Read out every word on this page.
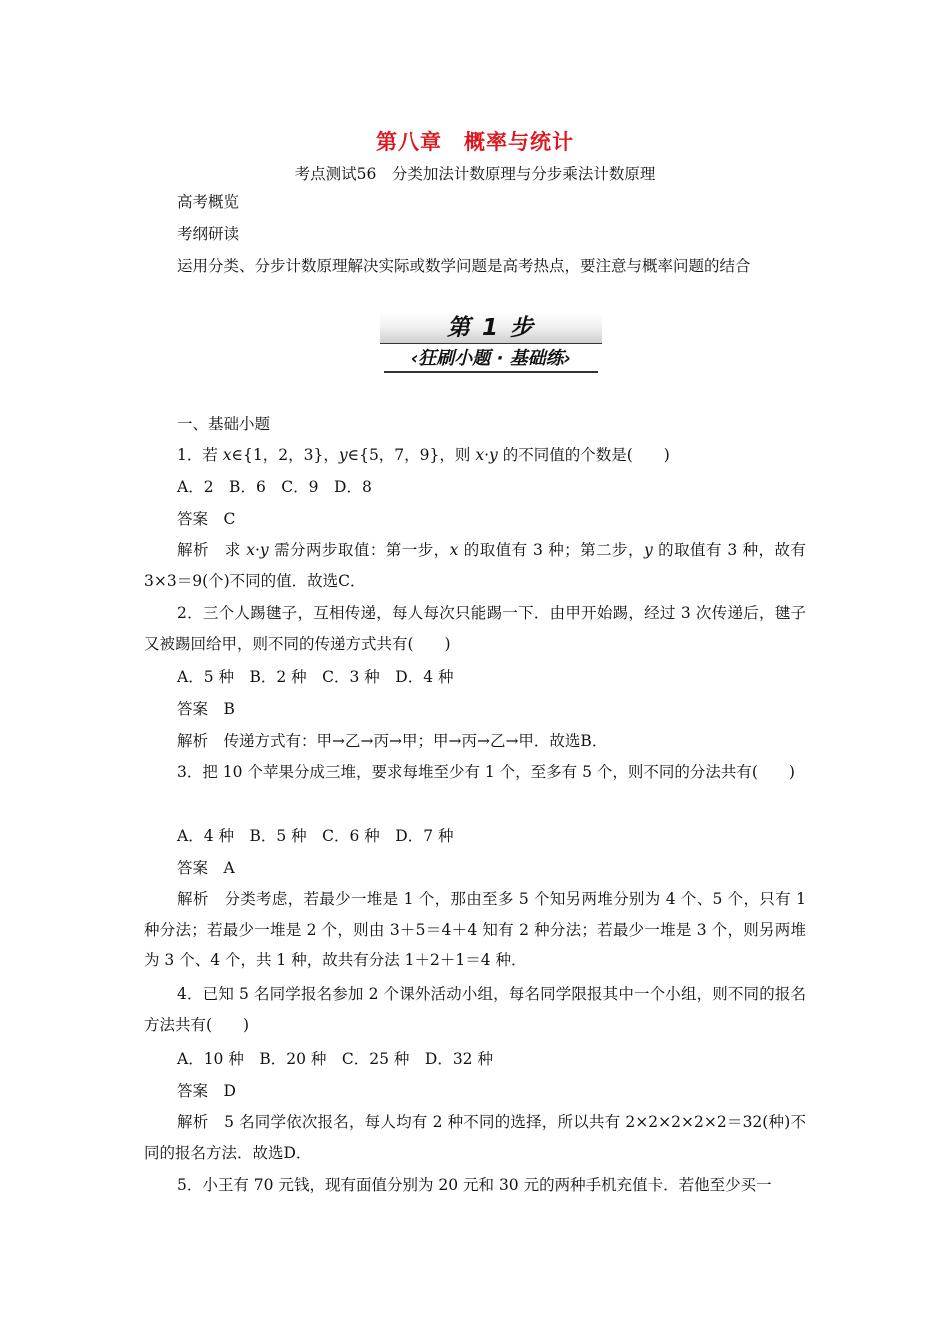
第八章　概率与统计
考点测试56　分类加法计数原理与分步乘法计数原理
高考概览
考纲研读
运用分类、分步计数原理解决实际或数学问题是高考热点，要注意与概率问题的结合
第 1 步
‹狂刷小题 · 基础练›
一、基础小题
1．若 x∈{1，2，3}，y∈{5，7，9}，则 x·y 的不同值的个数是(　　)
A．2　B．6　C．9　D．8
答案　C
解析　求 x·y 需分两步取值：第一步，x 的取值有 3 种；第二步，y 的取值有 3 种，故有 3×3＝9(个)不同的值．故选C．
2．三个人踢毽子，互相传递，每人每次只能踢一下．由甲开始踢，经过 3 次传递后，毽子又被踢回给甲，则不同的传递方式共有(　　)
A．5 种　B．2 种　C．3 种　D．4 种
答案　B
解析　传递方式有：甲→乙→丙→甲；甲→丙→乙→甲．故选B．
3．把 10 个苹果分成三堆，要求每堆至少有 1 个，至多有 5 个，则不同的分法共有(　　)
A．4 种　B．5 种　C．6 种　D．7 种
答案　A
解析　分类考虑，若最少一堆是 1 个，那由至多 5 个知另两堆分别为 4 个、5 个，只有 1 种分法；若最少一堆是 2 个，则由 3＋5＝4＋4 知有 2 种分法；若最少一堆是 3 个，则另两堆为 3 个、4 个，共 1 种，故共有分法 1＋2＋1＝4 种．
4．已知 5 名同学报名参加 2 个课外活动小组，每名同学限报其中一个小组，则不同的报名方法共有(　　)
A．10 种　B．20 种　C．25 种　D．32 种
答案　D
解析　5 名同学依次报名，每人均有 2 种不同的选择，所以共有 2×2×2×2×2＝32(种)不同的报名方法．故选D．
5．小王有 70 元钱，现有面值分别为 20 元和 30 元的两种手机充值卡．若他至少买一
